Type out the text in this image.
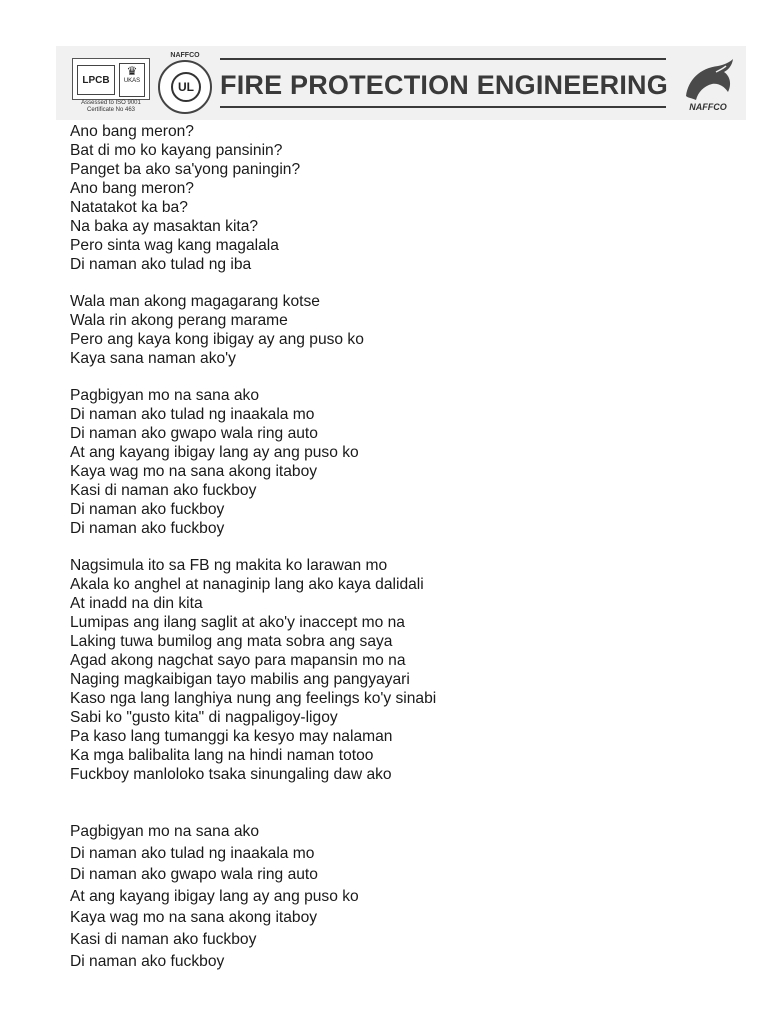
LPCB
♛
UKAS
Assessed to ISO 9001
Certificate No 463
NAFFCO
UL FIRE PROTECTION ENGINEERING
NAFFCO
Ano bang meron?
Bat di mo ko kayang pansinin?
Panget ba ako sa'yong paningin?
Ano bang meron?
Natatakot ka ba?
Na baka ay masaktan kita?
Pero sinta wag kang magalala
Di naman ako tulad ng iba
Wala man akong magagarang kotse
Wala rin akong perang marame
Pero ang kaya kong ibigay ay ang puso ko
Kaya sana naman ako'y
Pagbigyan mo na sana ako
Di naman ako tulad ng inaakala mo
Di naman ako gwapo wala ring auto
At ang kayang ibigay lang ay ang puso ko
Kaya wag mo na sana akong itaboy
Kasi di naman ako fuckboy
Di naman ako fuckboy
Di naman ako fuckboy
Nagsimula ito sa FB ng makita ko larawan mo
Akala ko anghel at nanaginip lang ako kaya dalidali
At inadd na din kita
Lumipas ang ilang saglit at ako'y inaccept mo na
Laking tuwa bumilog ang mata sobra ang saya
Agad akong nagchat sayo para mapansin mo na
Naging magkaibigan tayo mabilis ang pangyayari
Kaso nga lang langhiya nung ang feelings ko'y sinabi
Sabi ko "gusto kita" di nagpaligoy-ligoy
Pa kaso lang tumanggi ka kesyo may nalaman
Ka mga balibalita lang na hindi naman totoo
Fuckboy manloloko tsaka sinungaling daw ako
Pagbigyan mo na sana ako
Di naman ako tulad ng inaakala mo
Di naman ako gwapo wala ring auto
At ang kayang ibigay lang ay ang puso ko
Kaya wag mo na sana akong itaboy
Kasi di naman ako fuckboy
Di naman ako fuckboy
